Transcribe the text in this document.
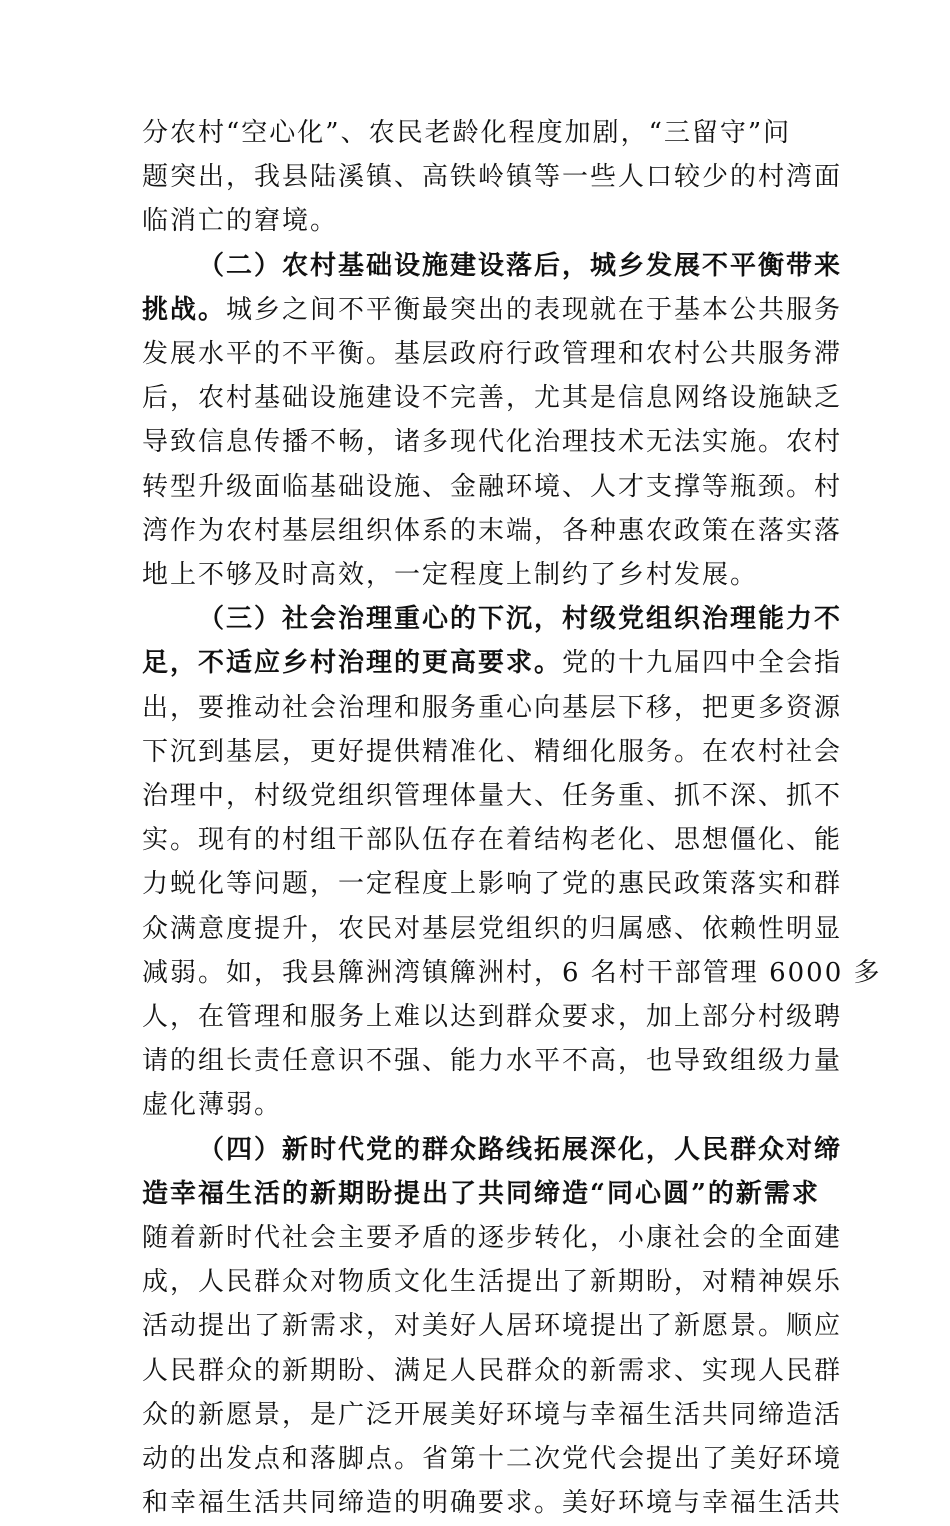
分农村“空心化”、农民老龄化程度加剧，“三留守”问
题突出，我县陆溪镇、高铁岭镇等一些人口较少的村湾面
临消亡的窘境。

（二）农村基础设施建设落后，城乡发展不平衡带来
挑战。城乡之间不平衡最突出的表现就在于基本公共服务
发展水平的不平衡。基层政府行政管理和农村公共服务滞
后，农村基础设施建设不完善，尤其是信息网络设施缺乏
导致信息传播不畅，诸多现代化治理技术无法实施。农村
转型升级面临基础设施、金融环境、人才支撑等瓶颈。村
湾作为农村基层组织体系的末端，各种惠农政策在落实落
地上不够及时高效，一定程度上制约了乡村发展。

（三）社会治理重心的下沉，村级党组织治理能力不
足，不适应乡村治理的更高要求。党的十九届四中全会指
出，要推动社会治理和服务重心向基层下移，把更多资源
下沉到基层，更好提供精准化、精细化服务。在农村社会
治理中，村级党组织管理体量大、任务重、抓不深、抓不
实。现有的村组干部队伍存在着结构老化、思想僵化、能
力蜕化等问题，一定程度上影响了党的惠民政策落实和群
众满意度提升，农民对基层党组织的归属感、依赖性明显
减弱。如，我县簰洲湾镇簰洲村，6 名村干部管理 6000 多
人，在管理和服务上难以达到群众要求，加上部分村级聘
请的组长责任意识不强、能力水平不高，也导致组级力量
虚化薄弱。

（四）新时代党的群众路线拓展深化，人民群众对缔
造幸福生活的新期盼提出了共同缔造“同心圆”的新需求
随着新时代社会主要矛盾的逐步转化，小康社会的全面建
成，人民群众对物质文化生活提出了新期盼，对精神娱乐
活动提出了新需求，对美好人居环境提出了新愿景。顺应
人民群众的新期盼、满足人民群众的新需求、实现人民群
众的新愿景，是广泛开展美好环境与幸福生活共同缔造活
动的出发点和落脚点。省第十二次党代会提出了美好环境
和幸福生活共同缔造的明确要求。美好环境与幸福生活共
